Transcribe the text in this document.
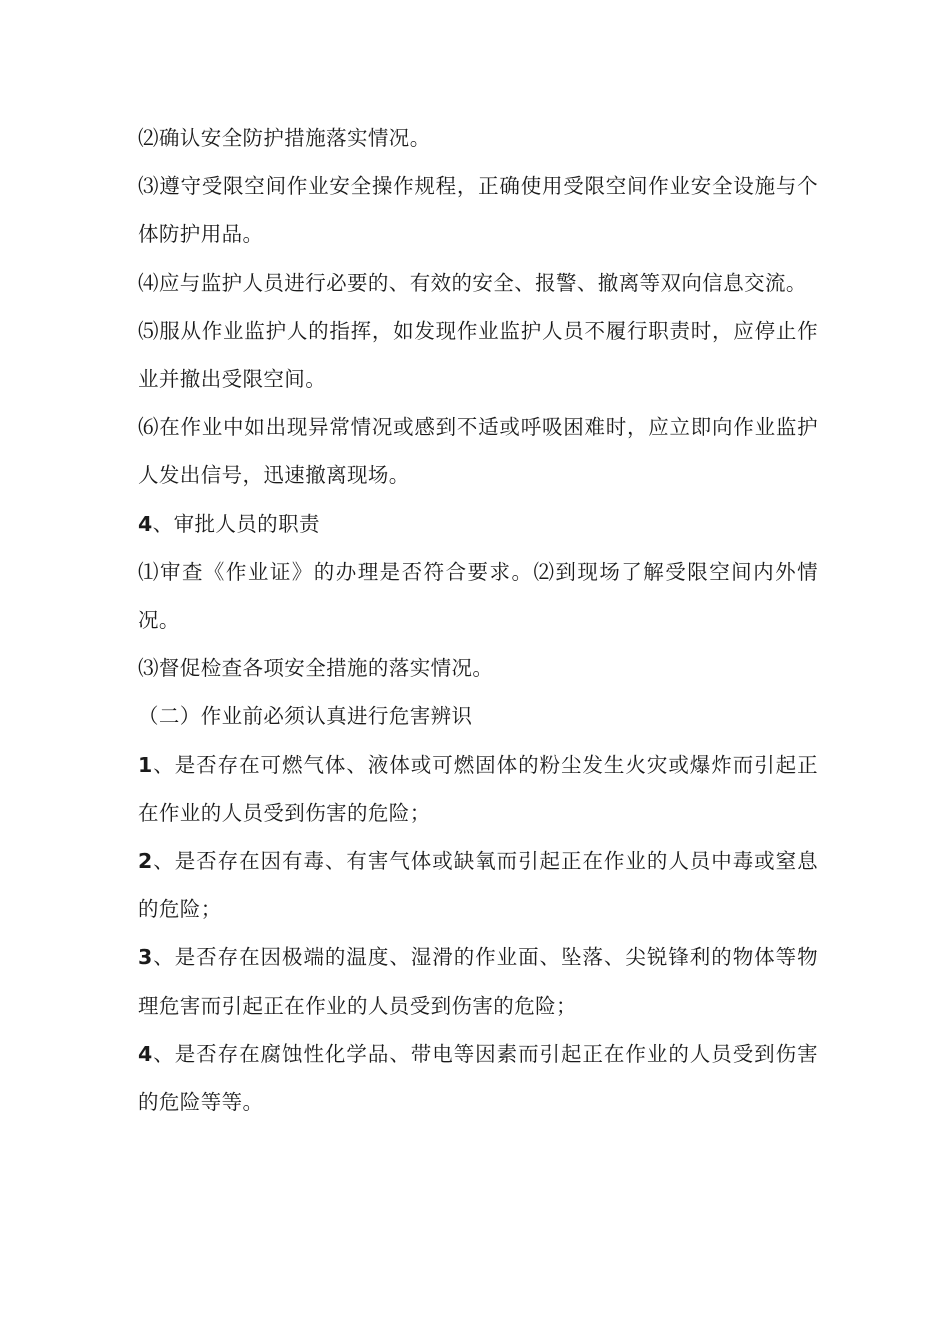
⑵确认安全防护措施落实情况。

⑶遵守受限空间作业安全操作规程，正确使用受限空间作业安全设施与个体防护用品。

⑷应与监护人员进行必要的、有效的安全、报警、撤离等双向信息交流。

⑸服从作业监护人的指挥，如发现作业监护人员不履行职责时，应停止作业并撤出受限空间。

⑹在作业中如出现异常情况或感到不适或呼吸困难时，应立即向作业监护人发出信号，迅速撤离现场。

4、审批人员的职责

⑴审查《作业证》的办理是否符合要求。⑵到现场了解受限空间内外情况。

⑶督促检查各项安全措施的落实情况。

（二）作业前必须认真进行危害辨识

1、是否存在可燃气体、液体或可燃固体的粉尘发生火灾或爆炸而引起正在作业的人员受到伤害的危险；

2、是否存在因有毒、有害气体或缺氧而引起正在作业的人员中毒或窒息的危险；

3、是否存在因极端的温度、湿滑的作业面、坠落、尖锐锋利的物体等物理危害而引起正在作业的人员受到伤害的危险；

4、是否存在腐蚀性化学品、带电等因素而引起正在作业的人员受到伤害的危险等等。
